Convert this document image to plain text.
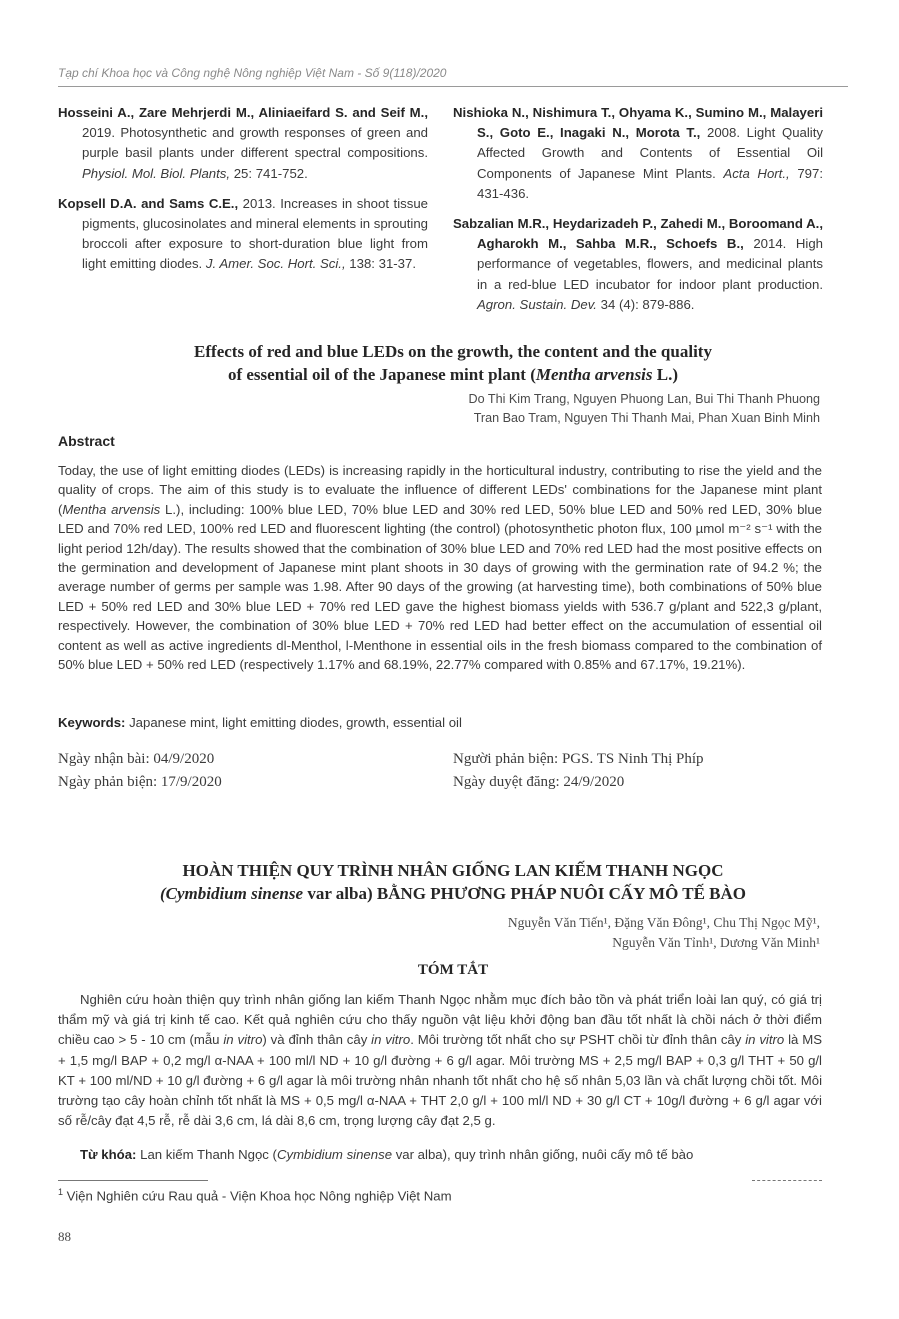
Tạp chí Khoa học và Công nghệ Nông nghiệp Việt Nam - Số 9(118)/2020

Hosseini A., Zare Mehrjerdi M., Aliniaeifard S. and Seif M., 2019. Photosynthetic and growth responses of green and purple basil plants under different spectral compositions. Physiol. Mol. Biol. Plants, 25: 741-752.

Kopsell D.A. and Sams C.E., 2013. Increases in shoot tissue pigments, glucosinolates and mineral elements in sprouting broccoli after exposure to short-duration blue light from light emitting diodes. J. Amer. Soc. Hort. Sci., 138: 31-37.

Nishioka N., Nishimura T., Ohyama K., Sumino M., Malayeri S., Goto E., Inagaki N., Morota T., 2008. Light Quality Affected Growth and Contents of Essential Oil Components of Japanese Mint Plants. Acta Hort., 797: 431-436.

Sabzalian M.R., Heydarizadeh P., Zahedi M., Boroomand A., Agharokh M., Sahba M.R., Schoefs B., 2014. High performance of vegetables, flowers, and medicinal plants in a red-blue LED incubator for indoor plant production. Agron. Sustain. Dev. 34 (4): 879-886.

Effects of red and blue LEDs on the growth, the content and the quality
of essential oil of the Japanese mint plant (Mentha arvensis L.)
Do Thi Kim Trang, Nguyen Phuong Lan, Bui Thi Thanh Phuong
Tran Bao Tram, Nguyen Thi Thanh Mai, Phan Xuan Binh Minh
Abstract
Today, the use of light emitting diodes (LEDs) is increasing rapidly in the horticultural industry, contributing to rise the yield and the quality of crops. The aim of this study is to evaluate the influence of different LEDs' combinations for the Japanese mint plant (Mentha arvensis L.), including: 100% blue LED, 70% blue LED and 30% red LED, 50% blue LED and 50% red LED, 30% blue LED and 70% red LED, 100% red LED and fluorescent lighting (the control) (photosynthetic photon flux, 100 µmol m⁻² s⁻¹ with the light period 12h/day). The results showed that the combination of 30% blue LED and 70% red LED had the most positive effects on the germination and development of Japanese mint plant shoots in 30 days of growing with the germination rate of 94.2 %; the average number of germs per sample was 1.98. After 90 days of the growing (at harvesting time), both combinations of 50% blue LED + 50% red LED and 30% blue LED + 70% red LED gave the highest biomass yields with 536.7 g/plant and 522,3 g/plant, respectively. However, the combination of 30% blue LED + 70% red LED had better effect on the accumulation of essential oil content as well as active ingredients dl-Menthol, l-Menthone in essential oils in the fresh biomass compared to the combination of 50% blue LED + 50% red LED (respectively 1.17% and 68.19%, 22.77% compared with 0.85% and 67.17%, 19.21%).
Keywords: Japanese mint, light emitting diodes, growth, essential oil
Ngày nhận bài: 04/9/2020
Ngày phản biện: 17/9/2020
Người phản biện: PGS. TS Ninh Thị Phíp
Ngày duyệt đăng: 24/9/2020
HOÀN THIỆN QUY TRÌNH NHÂN GIỐNG LAN KIẾM THANH NGỌC
(Cymbidium sinense var alba) BẰNG PHƯƠNG PHÁP NUÔI CẤY MÔ TẾ BÀO
Nguyễn Văn Tiến¹, Đặng Văn Đông¹, Chu Thị Ngọc Mỹ¹,
Nguyễn Văn Tỉnh¹, Dương Văn Minh¹
TÓM TẮT
Nghiên cứu hoàn thiện quy trình nhân giống lan kiếm Thanh Ngọc nhằm mục đích bảo tồn và phát triển loài lan quý, có giá trị thẩm mỹ và giá trị kinh tế cao. Kết quả nghiên cứu cho thấy nguồn vật liệu khởi động ban đầu tốt nhất là chồi nách ở thời điểm chiều cao > 5 - 10 cm (mẫu in vitro) và đỉnh thân cây in vitro. Môi trường tốt nhất cho sự PSHT chồi từ đỉnh thân cây in vitro là MS + 1,5 mg/l BAP + 0,2 mg/l α-NAA + 100 ml/l ND + 10 g/l đường + 6 g/l agar. Môi trường MS + 2,5 mg/l BAP + 0,3 g/l THT + 50 g/l KT + 100 ml/ND + 10 g/l đường + 6 g/l agar là môi trường nhân nhanh tốt nhất cho hệ số nhân 5,03 lần và chất lượng chồi tốt. Môi trường tạo cây hoàn chỉnh tốt nhất là MS + 0,5 mg/l α-NAA + THT 2,0 g/l + 100 ml/l ND + 30 g/l CT + 10g/l đường + 6 g/l agar với số rễ/cây đạt 4,5 rễ, rễ dài 3,6 cm, lá dài 8,6 cm, trọng lượng cây đạt 2,5 g.
Từ khóa: Lan kiếm Thanh Ngọc (Cymbidium sinense var alba), quy trình nhân giống, nuôi cấy mô tế bào
$^1$ Viện Nghiên cứu Rau quả - Viện Khoa học Nông nghiệp Việt Nam
88
